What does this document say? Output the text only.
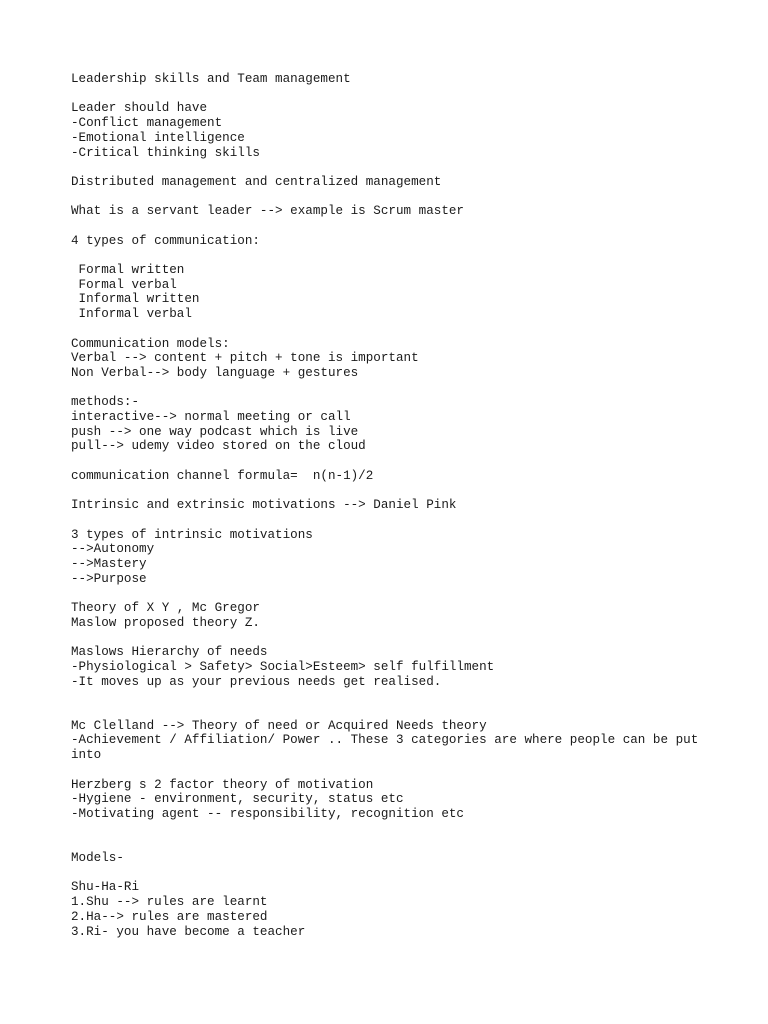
Leadership skills and Team management
Leader should have
-Conflict management
-Emotional intelligence
-Critical thinking skills
Distributed management and centralized management
What is a servant leader --> example is Scrum master
4 types of communication:
Formal written
Formal verbal
Informal written
Informal verbal
Communication models:
Verbal --> content + pitch + tone is important
Non Verbal--> body language + gestures
methods:-
interactive--> normal meeting or call
push --> one way podcast which is live
pull--> udemy video stored on the cloud
communication channel formula=  n(n-1)/2
Intrinsic and extrinsic motivations --> Daniel Pink
3 types of intrinsic motivations
-->Autonomy
-->Mastery
-->Purpose
Theory of X Y , Mc Gregor
Maslow proposed theory Z.
Maslows Hierarchy of needs
-Physiological > Safety> Social>Esteem> self fulfillment
-It moves up as your previous needs get realised.
Mc Clelland --> Theory of need or Acquired Needs theory
-Achievement / Affiliation/ Power .. These 3 categories are where people can be put
into
Herzberg s 2 factor theory of motivation
-Hygiene - environment, security, status etc
-Motivating agent -- responsibility, recognition etc
Models-
Shu-Ha-Ri
1.Shu --> rules are learnt
2.Ha--> rules are mastered
3.Ri- you have become a teacher
